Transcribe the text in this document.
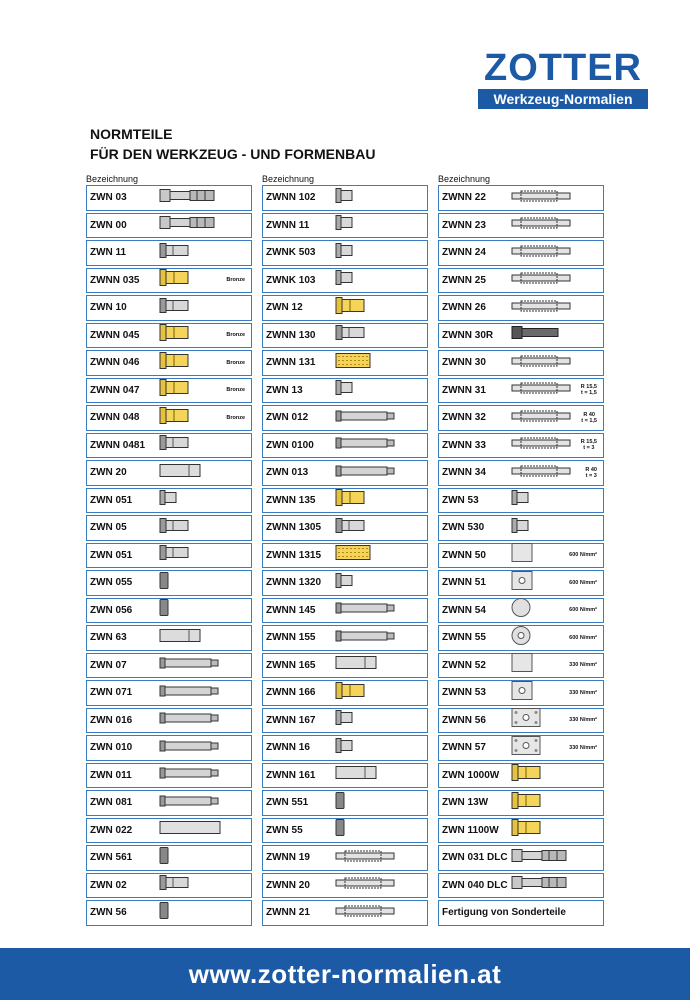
ZOTTER
Werkzeug-Normalien
NORMTEILE
FÜR DEN WERKZEUG - UND FORMENBAU
Bezeichnung
ZWN 03
ZWN 00
ZWN 11
ZWNN 035	Bronze
ZWN 10
ZWNN 045	Bronze
ZWNN 046	Bronze
ZWNN 047	Bronze
ZWNN 048	Bronze
ZWNN 0481
ZWN 20
ZWN 051
ZWN 05
ZWN 051
ZWN 055
ZWN 056
ZWN 63
ZWN 07
ZWN 071
ZWN 016
ZWN 010
ZWN 011
ZWN 081
ZWN 022
ZWN 561
ZWN 02
ZWN 56
Bezeichnung
ZWNN 102
ZWNN 11
ZWNK 503
ZWNK 103
ZWN 12
ZWNN 130
ZWNN 131
ZWN 13
ZWN 012
ZWN 0100
ZWN 013
ZWNN 135
ZWNN 1305
ZWNN 1315
ZWNN 1320
ZWNN 145
ZWNN 155
ZWNN 165
ZWNN 166
ZWNN 167
ZWNN 16
ZWNN 161
ZWN 551
ZWN 55
ZWNN 19
ZWNN 20
ZWNN 21
Bezeichnung
ZWNN 22
ZWNN 23
ZWNN 24
ZWNN 25
ZWNN 26
ZWNN 30R
ZWNN 30
ZWNN 31	R 15,5
t = 1,5
ZWNN 32	R 40
t = 1,5
ZWNN 33	R 15,5
t = 3
ZWNN 34	R 40
t = 3
ZWN 53
ZWN 530
ZWNN 50	600 N/mm²
ZWNN 51	600 N/mm²
ZWNN 54	600 N/mm²
ZWNN 55	600 N/mm²
ZWNN 52	330 N/mm²
ZWNN 53	330 N/mm²
ZWNN 56	330 N/mm²
ZWNN 57	330 N/mm²
ZWN 1000W
ZWN 13W
ZWN 1100W
ZWN 031 DLC
ZWN 040 DLC
Fertigung von Sonderteile
www.zotter-normalien.at
